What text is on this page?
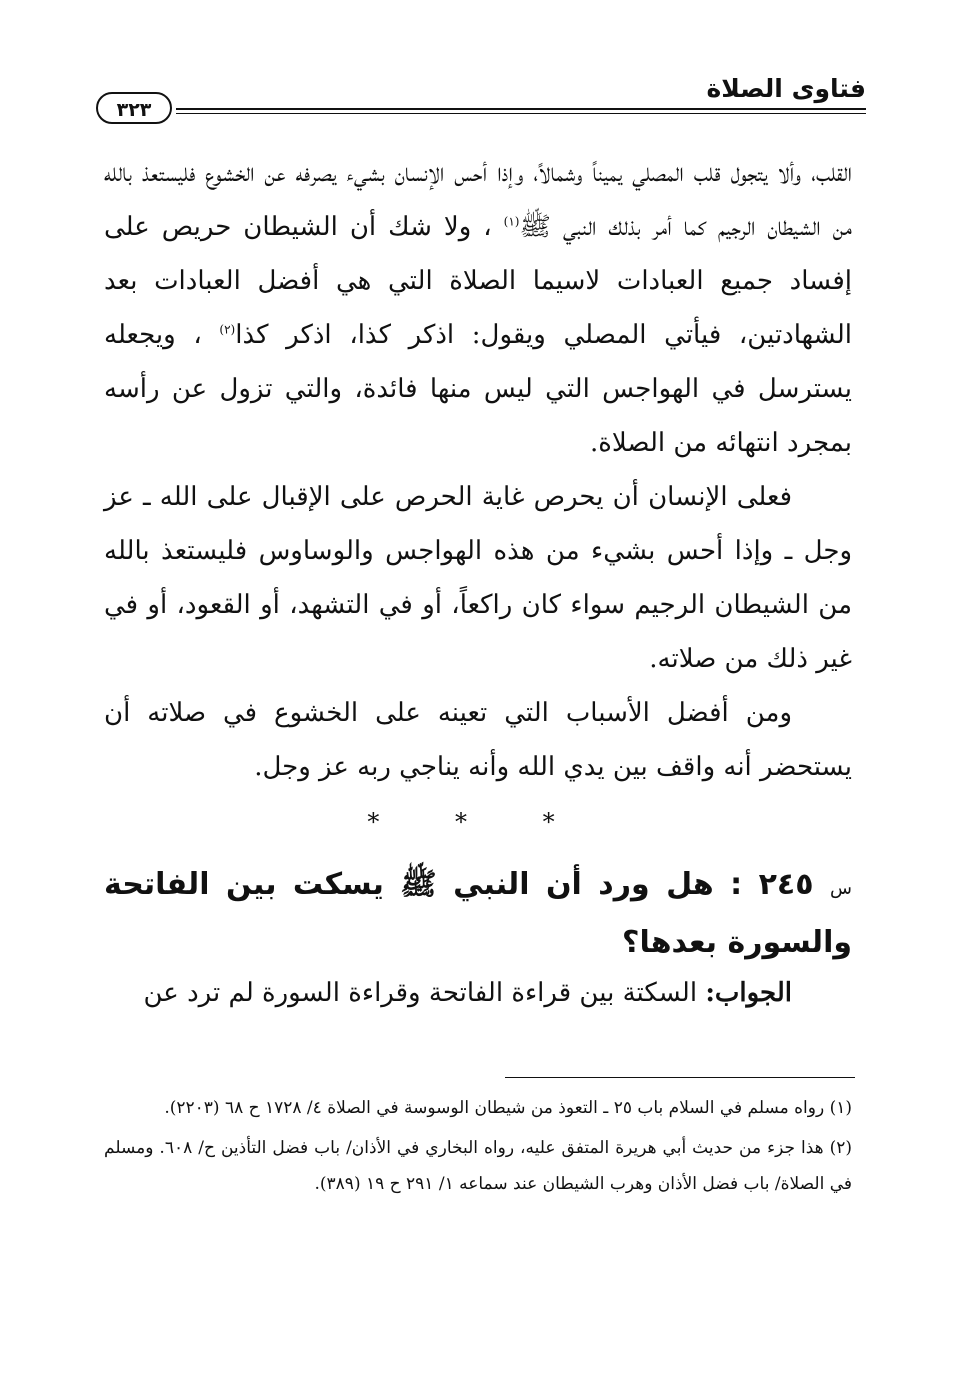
فتاوى الصلاة
٣٢٣

القلب، وألا يتجول قلب المصلي يميناً وشمالاً، وإذا أحس الإنسان بشيء يصرفه عن الخشوع فليستعذ بالله من الشيطان الرجيم كما أمر بذلك النبي ﷺ$^{(١)}$ ، ولا شك أن الشيطان حريص على إفساد جميع العبادات لاسيما الصلاة التي هي أفضل العبادات بعد الشهادتين، فيأتي المصلي ويقول: اذكر كذا، اذكر كذا$^{(٢)}$ ، ويجعله يسترسل في الهواجس التي ليس منها فائدة، والتي تزول عن رأسه بمجرد انتهائه من الصلاة.

فعلى الإنسان أن يحرص غاية الحرص على الإقبال على الله ـ عز وجل ـ وإذا أحس بشيء من هذه الهواجس والوساوس فليستعذ بالله من الشيطان الرجيم سواء كان راكعاً، أو في التشهد، أو القعود، أو في غير ذلك من صلاته.

ومن أفضل الأسباب التي تعينه على الخشوع في صلاته أن يستحضر أنه واقف بين يدي الله وأنه يناجي ربه عز وجل.

* * *
س ٢٤٥ : هل ورد أن النبي ﷺ يسكت بين الفاتحة والسورة بعدها؟
الجواب: السكتة بين قراءة الفاتحة وقراءة السورة لم ترد عن

(١) رواه مسلم في السلام باب ٢٥ ـ التعوذ من شيطان الوسوسة في الصلاة ٤/ ١٧٢٨ ح ٦٨ (٢٢٠٣).

(٢) هذا جزء من حديث أبي هريرة المتفق عليه، رواه البخاري في الأذان/ باب فضل التأذين ح/ ٦٠٨. ومسلم في الصلاة/ باب فضل الأذان وهرب الشيطان عند سماعه ١/ ٢٩١ ح ١٩ (٣٨٩).
